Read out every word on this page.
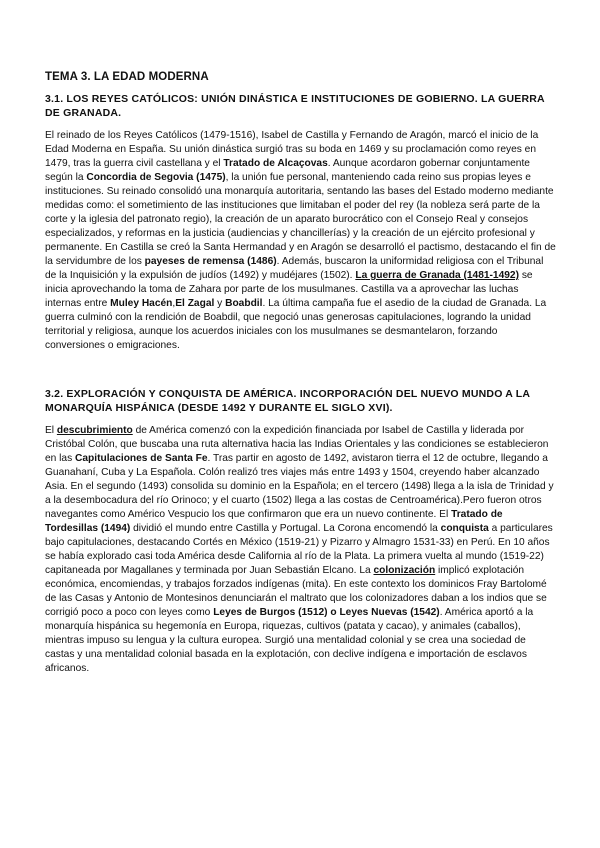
TEMA 3. LA EDAD MODERNA
3.1. LOS REYES CATÓLICOS: UNIÓN DINÁSTICA E INSTITUCIONES DE GOBIERNO. LA GUERRA DE GRANADA.

El reinado de los Reyes Católicos (1479-1516), Isabel de Castilla y Fernando de Aragón, marcó el inicio de la Edad Moderna en España. Su unión dinástica surgió tras su boda en 1469 y su proclamación como reyes en 1479, tras la guerra civil castellana y el Tratado de Alcaçovas. Aunque acordaron gobernar conjuntamente según la Concordia de Segovia (1475), la unión fue personal, manteniendo cada reino sus propias leyes e instituciones. Su reinado consolidó una monarquía autoritaria, sentando las bases del Estado moderno mediante medidas como: el sometimiento de las instituciones que limitaban el poder del rey (la nobleza será parte de la corte y la iglesia del patronato regio), la creación de un aparato burocrático con el Consejo Real y consejos especializados, y reformas en la justicia (audiencias y chancillerías) y la creación de un ejército profesional y permanente. En Castilla se creó la Santa Hermandad y en Aragón se desarrolló el pactismo, destacando el fin de la servidumbre de los payeses de remensa (1486). Además, buscaron la uniformidad religiosa con el Tribunal de la Inquisición y la expulsión de judíos (1492) y mudéjares (1502). La guerra de Granada (1481-1492) se inicia aprovechando la toma de Zahara por parte de los musulmanes. Castilla va a aprovechar las luchas internas entre Muley Hacén,El Zagal y Boabdil. La última campaña fue el asedio de la ciudad de Granada. La guerra culminó con la rendición de Boabdil, que negoció unas generosas capitulaciones, logrando la unidad territorial y religiosa, aunque los acuerdos iniciales con los musulmanes se desmantelaron, forzando conversiones o emigraciones.

3.2. EXPLORACIÓN Y CONQUISTA DE AMÉRICA. INCORPORACIÓN DEL NUEVO MUNDO A LA MONARQUÍA HISPÁNICA (DESDE 1492 Y DURANTE EL SIGLO XVI).

El descubrimiento de América comenzó con la expedición financiada por Isabel de Castilla y liderada por Cristóbal Colón, que buscaba una ruta alternativa hacia las Indias Orientales y las condiciones se establecieron en las Capitulaciones de Santa Fe. Tras partir en agosto de 1492, avistaron tierra el 12 de octubre, llegando a Guanahaní, Cuba y La Española. Colón realizó tres viajes más entre 1493 y 1504, creyendo haber alcanzado Asia. En el segundo (1493) consolida su dominio en la Española; en el tercero (1498) llega a la isla de Trinidad y a la desembocadura del río Orinoco; y el cuarto (1502) llega a las costas de Centroamérica).Pero fueron otros navegantes como Américo Vespucio los que confirmaron que era un nuevo continente. El Tratado de Tordesillas (1494) dividió el mundo entre Castilla y Portugal. La Corona encomendó la conquista a particulares bajo capitulaciones, destacando Cortés en México (1519-21) y Pizarro y Almagro 1531-33) en Perú. En 10 años se había explorado casi toda América desde California al río de la Plata. La primera vuelta al mundo (1519-22) capitaneada por Magallanes y terminada por Juan Sebastián Elcano. La colonización implicó explotación económica, encomiendas, y trabajos forzados indígenas (mita). En este contexto los dominicos Fray Bartolomé de las Casas y Antonio de Montesinos denunciarán el maltrato que los colonizadores daban a los indios que se corrigió poco a poco con leyes como Leyes de Burgos (1512) o Leyes Nuevas (1542). América aportó a la monarquía hispánica su hegemonía en Europa, riquezas, cultivos (patata y cacao), y animales (caballos), mientras impuso su lengua y la cultura europea. Surgió una mentalidad colonial y se crea una sociedad de castas y una mentalidad colonial basada en la explotación, con declive indígena e importación de esclavos africanos.
